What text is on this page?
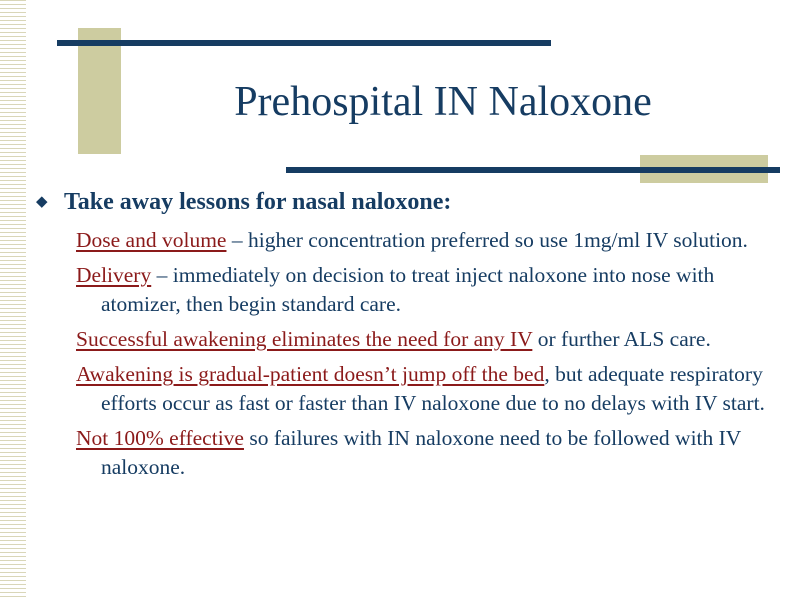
Prehospital IN Naloxone
◆ Take away lessons for nasal naloxone:
Dose and volume – higher concentration preferred so use 1mg/ml IV solution.
Delivery – immediately on decision to treat inject naloxone into nose with atomizer, then begin standard care.
Successful awakening eliminates the need for any IV or further ALS care.
Awakening is gradual-patient doesn’t jump off the bed, but adequate respiratory efforts occur as fast or faster than IV naloxone due to no delays with IV start.
Not 100% effective so failures with IN naloxone need to be followed with IV naloxone.
